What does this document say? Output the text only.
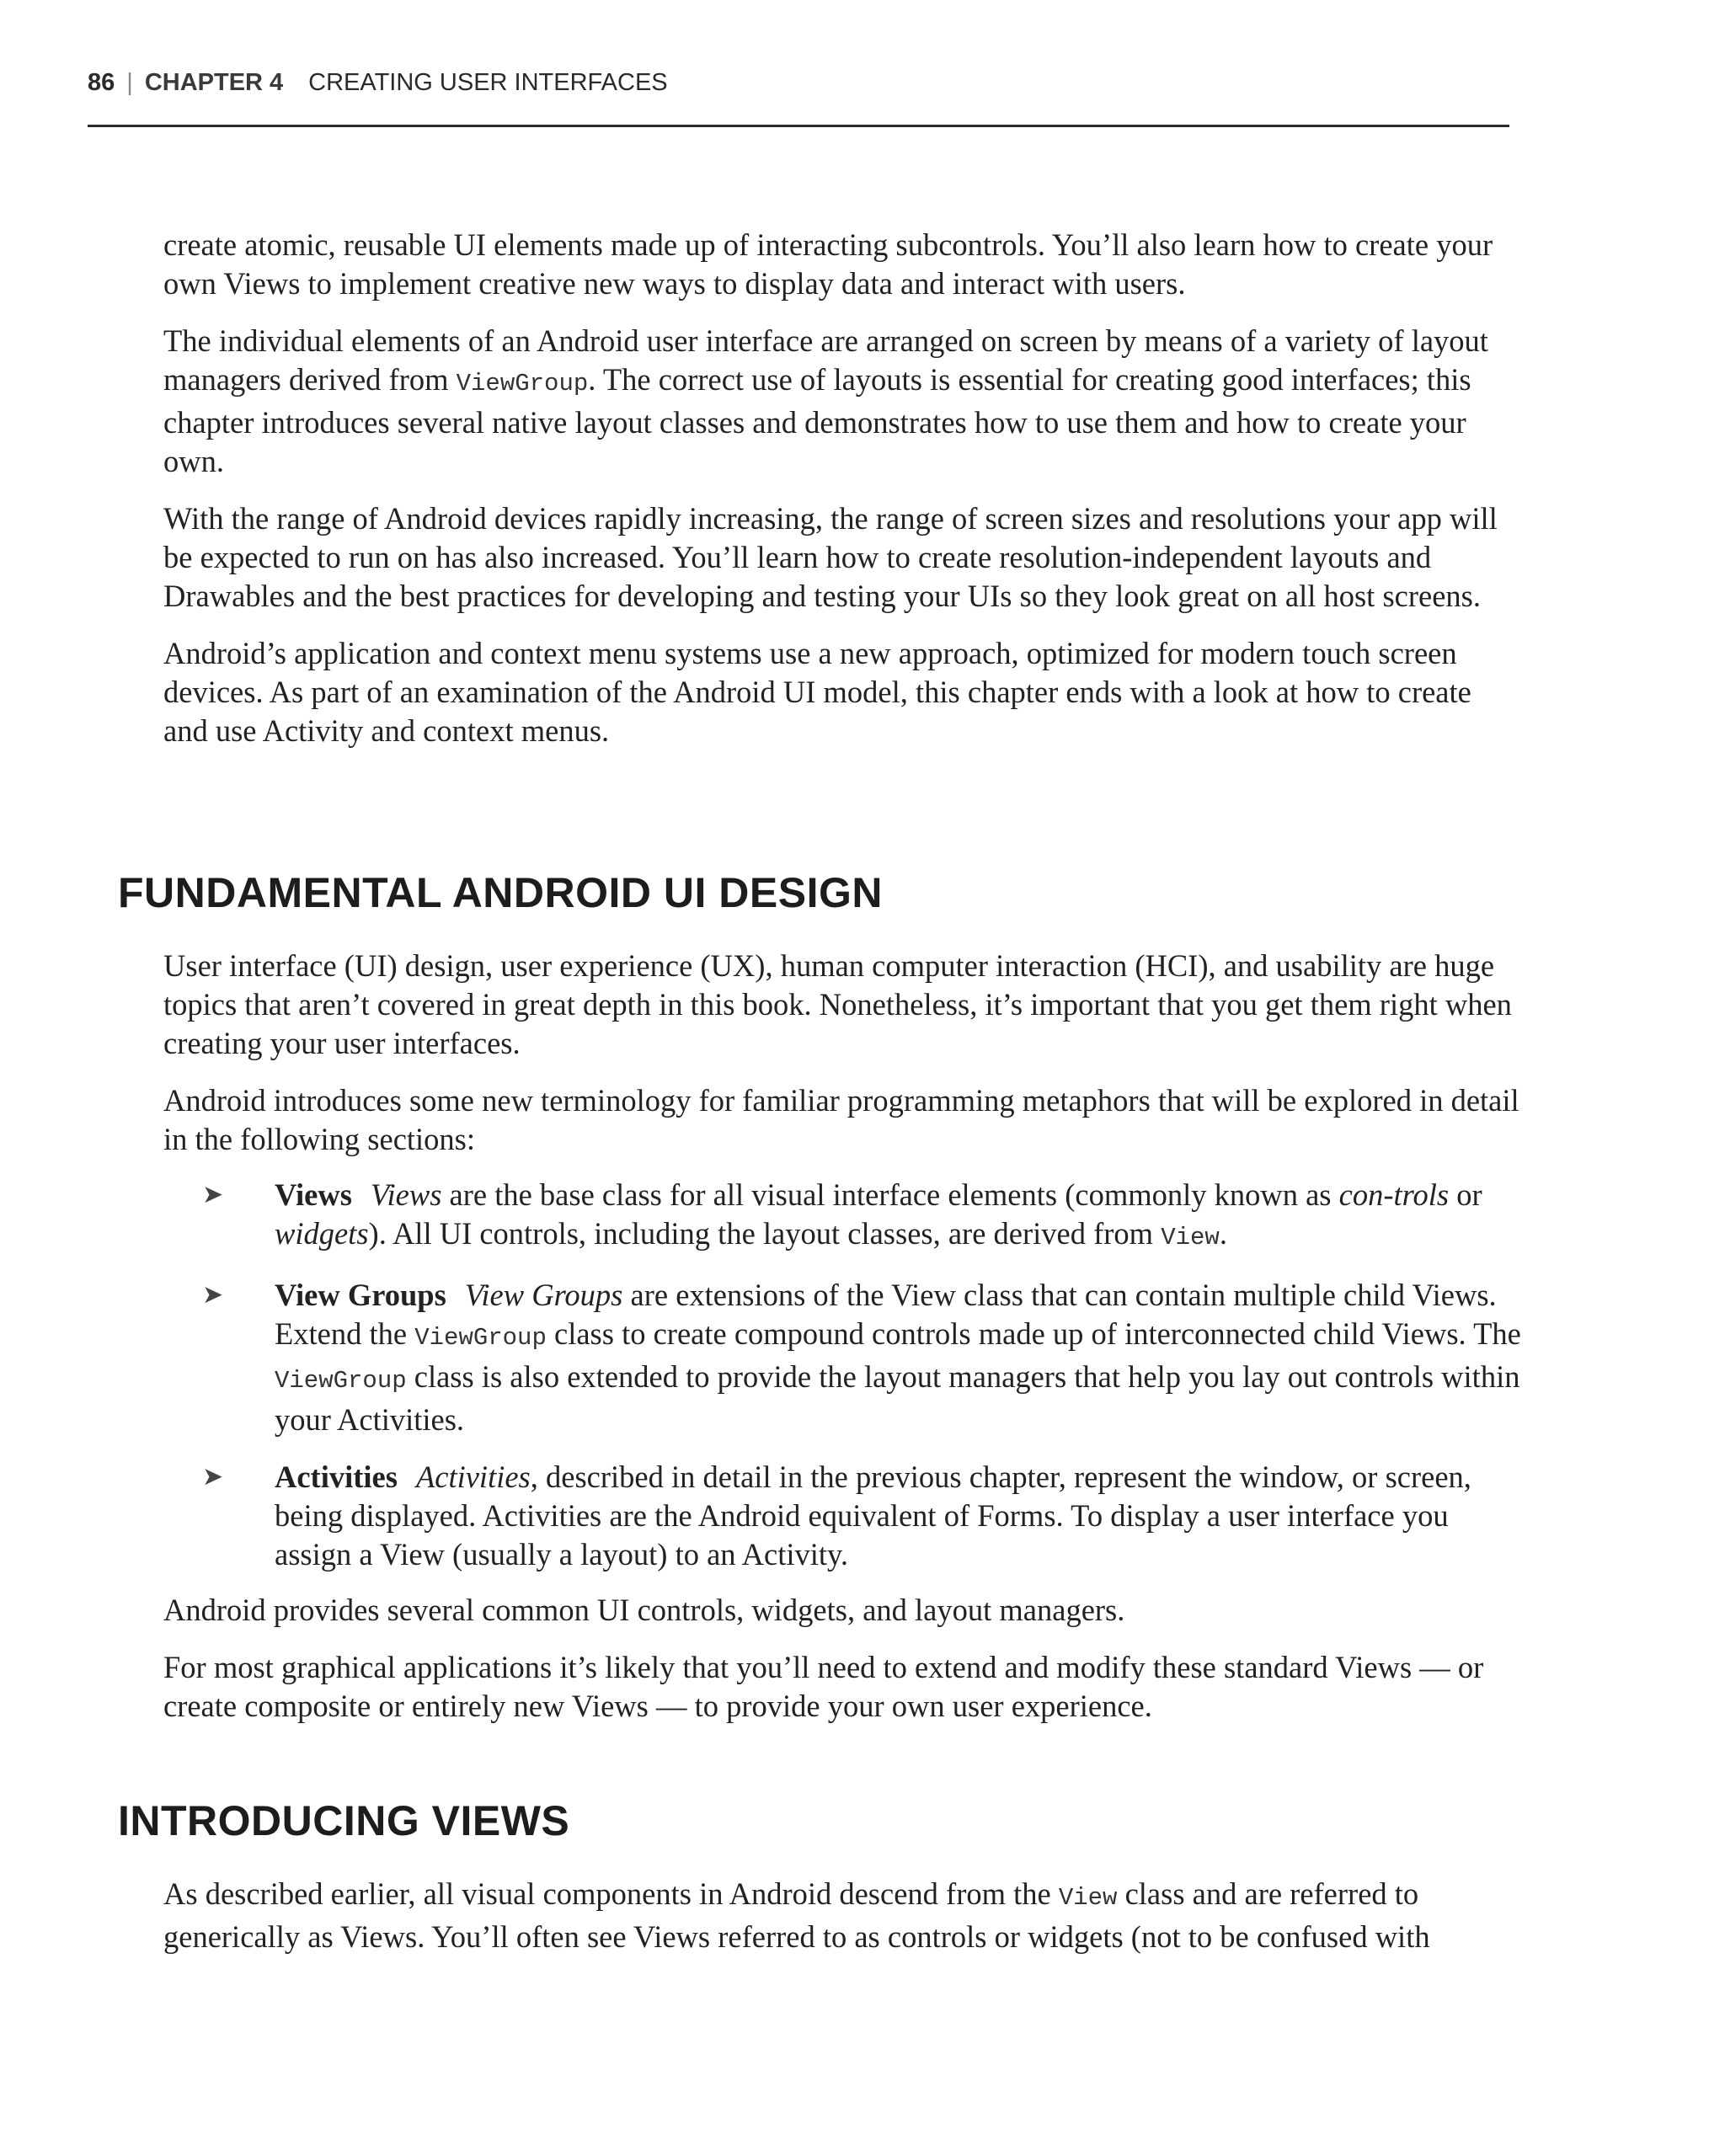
86 | CHAPTER 4 CREATING USER INTERFACES

create atomic, reusable UI elements made up of interacting subcontrols. You’ll also learn how to create your own Views to implement creative new ways to display data and interact with users.

The individual elements of an Android user interface are arranged on screen by means of a variety of layout managers derived from ViewGroup. The correct use of layouts is essential for creating good interfaces; this chapter introduces several native layout classes and demonstrates how to use them and how to create your own.

With the range of Android devices rapidly increasing, the range of screen sizes and resolutions your app will be expected to run on has also increased. You’ll learn how to create resolution-independent layouts and Drawables and the best practices for developing and testing your UIs so they look great on all host screens.

Android’s application and context menu systems use a new approach, optimized for modern touch screen devices. As part of an examination of the Android UI model, this chapter ends with a look at how to create and use Activity and context menus.

FUNDAMENTAL ANDROID UI DESIGN

User interface (UI) design, user experience (UX), human computer interaction (HCI), and usability are huge topics that aren’t covered in great depth in this book. Nonetheless, it’s important that you get them right when creating your user interfaces.

Android introduces some new terminology for familiar programming metaphors that will be explored in detail in the following sections:

➤ Views Views are the base class for all visual interface elements (commonly known as con-trols or widgets). All UI controls, including the layout classes, are derived from View.
➤ View Groups View Groups are extensions of the View class that can contain multiple child Views. Extend the ViewGroup class to create compound controls made up of interconnected child Views. The ViewGroup class is also extended to provide the layout managers that help you lay out controls within your Activities.
➤ Activities Activities, described in detail in the previous chapter, represent the window, or screen, being displayed. Activities are the Android equivalent of Forms. To display a user interface you assign a View (usually a layout) to an Activity.

Android provides several common UI controls, widgets, and layout managers.

For most graphical applications it’s likely that you’ll need to extend and modify these standard Views — or create composite or entirely new Views — to provide your own user experience.

INTRODUCING VIEWS

As described earlier, all visual components in Android descend from the View class and are referred to generically as Views. You’ll often see Views referred to as controls or widgets (not to be confused with
